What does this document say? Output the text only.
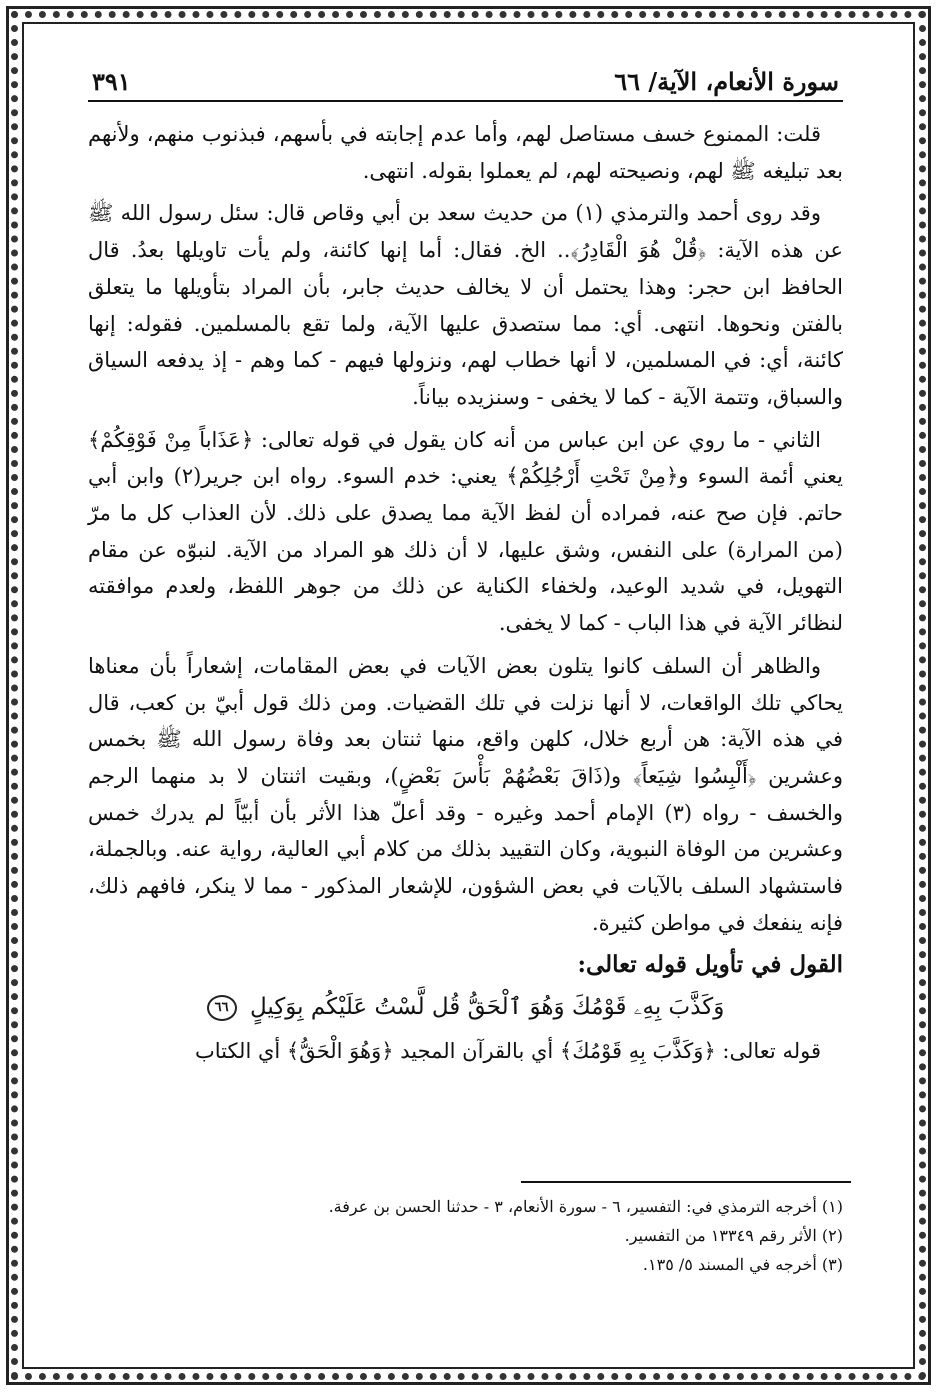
سورة الأنعام، الآية/ ٦٦
٣٩١

قلت: الممنوع خسف مستاصل لهم، وأما عدم إجابته في بأسهم، فبذنوب منهم، ولأنهم بعد تبليغه ﷺ لهم، ونصيحته لهم، لم يعملوا بقوله. انتهى.

وقد روى أحمد والترمذي (١) من حديث سعد بن أبي وقاص قال: سئل رسول الله ﷺ عن هذه الآية: ﴿قُلْ هُوَ الْقَادِرُ﴾.. الخ. فقال: أما إنها كائنة، ولم يأت تاويلها بعدُ. قال الحافظ ابن حجر: وهذا يحتمل أن لا يخالف حديث جابر، بأن المراد بتأويلها ما يتعلق بالفتن ونحوها. انتهى. أي: مما ستصدق عليها الآية، ولما تقع بالمسلمين. فقوله: إنها كائنة، أي: في المسلمين، لا أنها خطاب لهم، ونزولها فيهم - كما وهم - إذ يدفعه السياق والسباق، وتتمة الآية - كما لا يخفى - وسنزيده بياناً.

الثاني - ما روي عن ابن عباس من أنه كان يقول في قوله تعالى: ﴿عَذَاباً مِنْ فَوْقِكُمْ﴾ يعني أئمة السوء و﴿مِنْ تَحْتِ أَرْجُلِكُمْ﴾ يعني: خدم السوء. رواه ابن جرير(٢) وابن أبي حاتم. فإن صح عنه، فمراده أن لفظ الآية مما يصدق على ذلك. لأن العذاب كل ما مرّ (من المرارة) على النفس، وشق عليها، لا أن ذلك هو المراد من الآية. لنبوّه عن مقام التهويل، في شديد الوعيد، ولخفاء الكناية عن ذلك من جوهر اللفظ، ولعدم موافقته لنظائر الآية في هذا الباب - كما لا يخفى.

والظاهر أن السلف كانوا يتلون بعض الآيات في بعض المقامات، إشعاراً بأن معناها يحاكي تلك الواقعات، لا أنها نزلت في تلك القضيات. ومن ذلك قول أبيّ بن كعب، قال في هذه الآية: هن أربع خلال، كلهن واقع، منها ثنتان بعد وفاة رسول الله ﷺ بخمس وعشرين ﴿أَلْبِسُوا شِيَعاً﴾ و(ذَاقَ بَعْضُهُمْ بَأْسَ بَعْضٍ)، وبقيت اثنتان لا بد منهما الرجم والخسف - رواه (٣) الإمام أحمد وغيره - وقد أعلّ هذا الأثر بأن أبيّاً لم يدرك خمس وعشرين من الوفاة النبوية، وكان التقييد بذلك من كلام أبي العالية، رواية عنه. وبالجملة، فاستشهاد السلف بالآيات في بعض الشؤون، للإشعار المذكور - مما لا ينكر، فافهم ذلك، فإنه ينفعك في مواطن كثيرة.

القول في تأويل قوله تعالى:
وَكَذَّبَ بِهِۦ قَوْمُكَ وَهُوَ ٱلْحَقُّ قُل لَّسْتُ عَلَيْكُم بِوَكِيلٍ ٦٦

قوله تعالى: ﴿وَكَذَّبَ بِهِ قَوْمُكَ﴾ أي بالقرآن المجيد ﴿وَهُوَ الْحَقُّ﴾ أي الكتاب

(١) أخرجه الترمذي في: التفسير، ٦ - سورة الأنعام، ٣ - حدثنا الحسن بن عرفة.
(٢) الأثر رقم ١٣٣٤٩ من التفسير.
(٣) أخرجه في المسند ٥/ ١٣٥.
